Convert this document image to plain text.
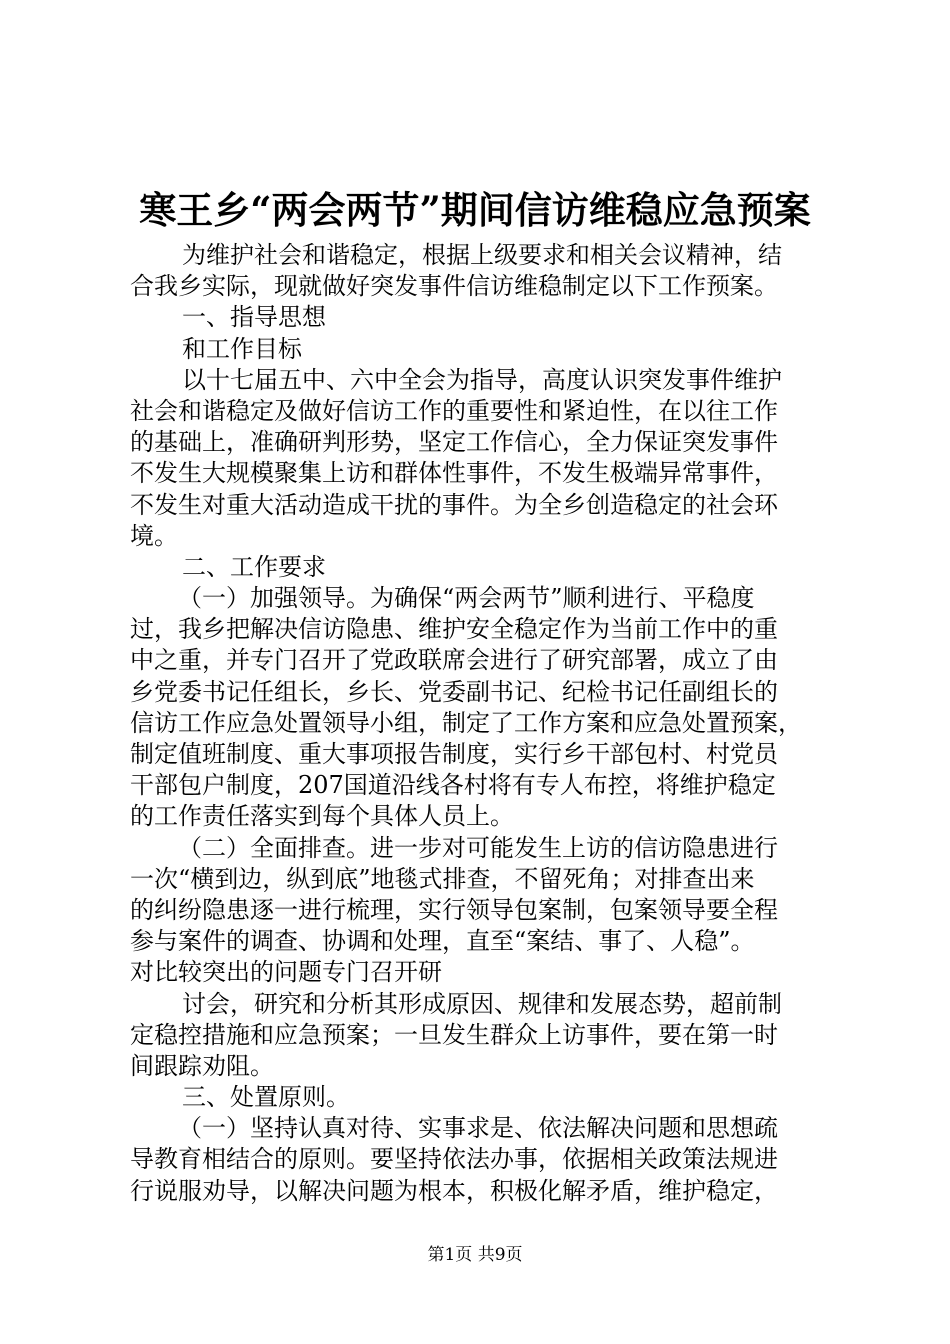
寒王乡“两会两节”期间信访维稳应急预案
为维护社会和谐稳定，根据上级要求和相关会议精神，结
合我乡实际，现就做好突发事件信访维稳制定以下工作预案。
一、指导思想
和工作目标
以十七届五中、六中全会为指导，高度认识突发事件维护
社会和谐稳定及做好信访工作的重要性和紧迫性，在以往工作
的基础上，准确研判形势，坚定工作信心，全力保证突发事件
不发生大规模聚集上访和群体性事件，不发生极端异常事件，
不发生对重大活动造成干扰的事件。为全乡创造稳定的社会环
境。
二、工作要求
（一）加强领导。为确保“两会两节”顺利进行、平稳度
过，我乡把解决信访隐患、维护安全稳定作为当前工作中的重
中之重，并专门召开了党政联席会进行了研究部署，成立了由
乡党委书记任组长，乡长、党委副书记、纪检书记任副组长的
信访工作应急处置领导小组，制定了工作方案和应急处置预案，
制定值班制度、重大事项报告制度，实行乡干部包村、村党员
干部包户制度，207国道沿线各村将有专人布控，将维护稳定
的工作责任落实到每个具体人员上。
（二）全面排查。进一步对可能发生上访的信访隐患进行
一次“横到边，纵到底”地毯式排查，不留死角；对排查出来
的纠纷隐患逐一进行梳理，实行领导包案制，包案领导要全程
参与案件的调查、协调和处理，直至“案结、事了、人稳”。
对比较突出的问题专门召开研
讨会，研究和分析其形成原因、规律和发展态势，超前制
定稳控措施和应急预案；一旦发生群众上访事件，要在第一时
间跟踪劝阻。
三、处置原则。
（一）坚持认真对待、实事求是、依法解决问题和思想疏
导教育相结合的原则。要坚持依法办事，依据相关政策法规进
行说服劝导，以解决问题为根本，积极化解矛盾，维护稳定，
第1页 共9页
